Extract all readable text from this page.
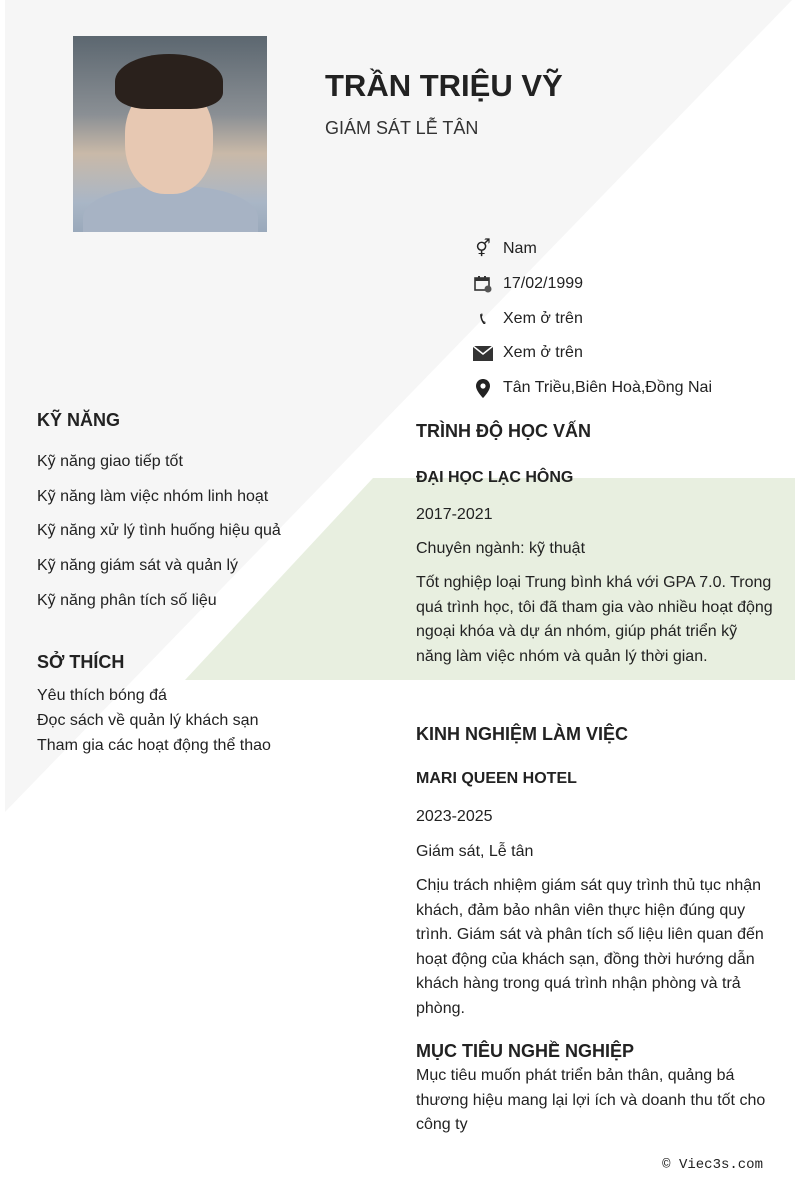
TRẦN TRIỆU VỸ
GIÁM SÁT LỄ TÂN
⚥ Nam
17/02/1999
📞︎	Xem ở trên
Xem ở trên
Tân Triều,Biên Hoà,Đồng Nai
KỸ NĂNG
Kỹ năng giao tiếp tốt
Kỹ năng làm việc nhóm linh hoạt
Kỹ năng xử lý tình huống hiệu quả
Kỹ năng giám sát và quản lý
Kỹ năng phân tích số liệu
SỞ THÍCH
Yêu thích bóng đá
Đọc sách về quản lý khách sạn
Tham gia các hoạt động thể thao
TRÌNH ĐỘ HỌC VẤN
ĐẠI HỌC LẠC HÔNG
2017-2021
Chuyên ngành: kỹ thuật
Tốt nghiệp loại Trung bình khá với GPA 7.0. Trong quá trình học, tôi đã tham gia vào nhiều hoạt động ngoại khóa và dự án nhóm, giúp phát triển kỹ năng làm việc nhóm và quản lý thời gian.
KINH NGHIỆM LÀM VIỆC
MARI QUEEN HOTEL
2023-2025
Giám sát, Lễ tân
Chịu trách nhiệm giám sát quy trình thủ tục nhận khách, đảm bảo nhân viên thực hiện đúng quy trình. Giám sát và phân tích số liệu liên quan đến hoạt động của khách sạn, đồng thời hướng dẫn khách hàng trong quá trình nhận phòng và trả phòng.
MỤC TIÊU NGHỀ NGHIỆP
Mục tiêu muốn phát triển bản thân, quảng bá thương hiệu mang lại lợi ích và doanh thu tốt cho công ty
© Viec3s.com
